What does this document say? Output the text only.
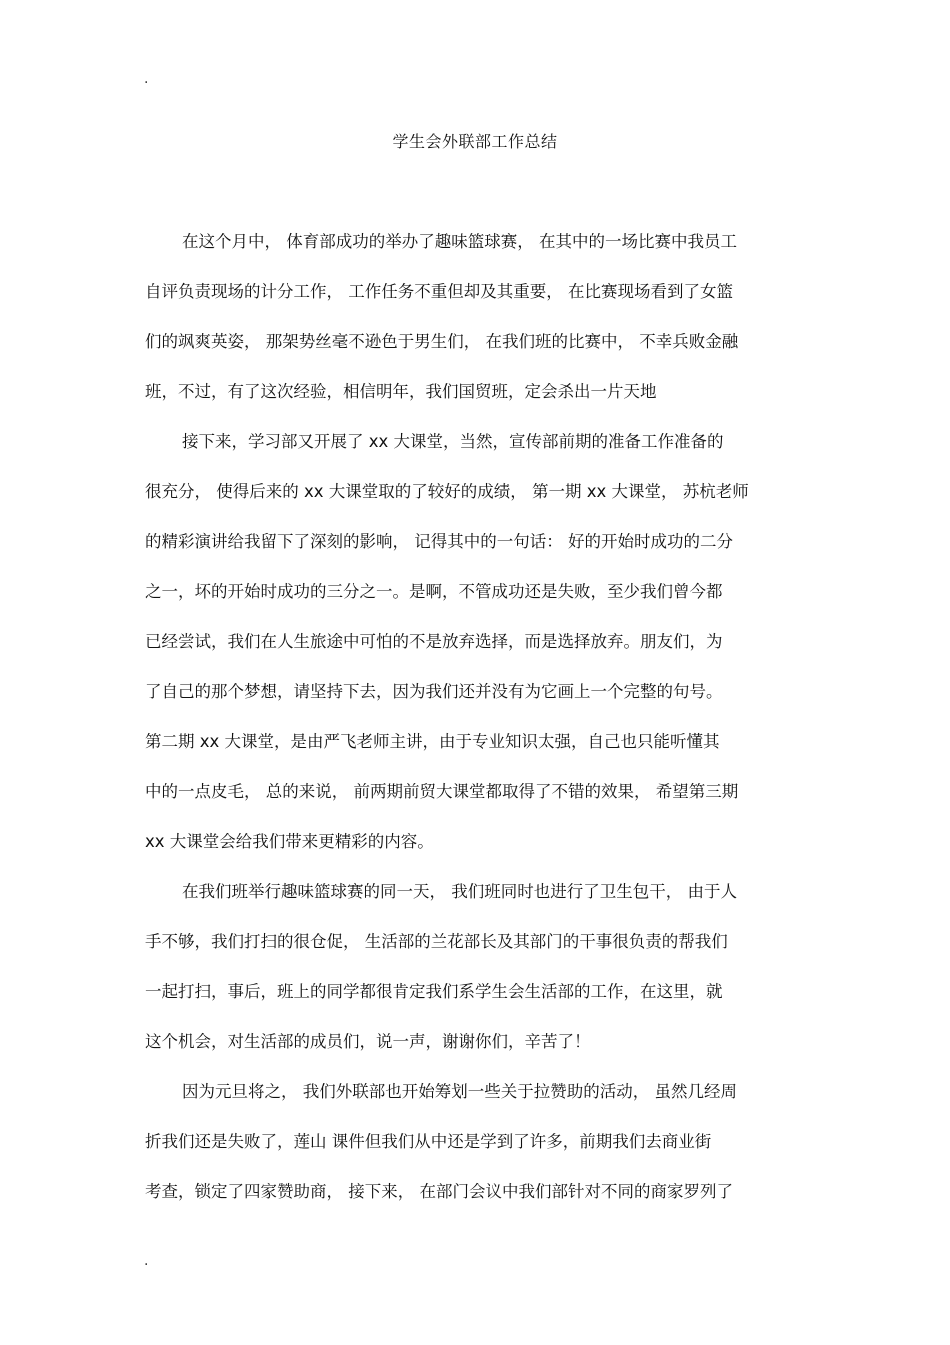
.
学生会外联部工作总结
在这个月中， 体育部成功的举办了趣味篮球赛， 在其中的一场比赛中我员工
自评负责现场的计分工作， 工作任务不重但却及其重要， 在比赛现场看到了女篮
们的飒爽英姿， 那架势丝毫不逊色于男生们， 在我们班的比赛中， 不幸兵败金融
班，不过，有了这次经验，相信明年，我们国贸班，定会杀出一片天地
接下来，学习部又开展了 xx 大课堂，当然，宣传部前期的准备工作准备的
很充分， 使得后来的 xx 大课堂取的了较好的成绩， 第一期 xx 大课堂， 苏杭老师
的精彩演讲给我留下了深刻的影响， 记得其中的一句话： 好的开始时成功的二分
之一，坏的开始时成功的三分之一。是啊，不管成功还是失败，至少我们曾今都
已经尝试，我们在人生旅途中可怕的不是放弃选择，而是选择放弃。朋友们，为
了自己的那个梦想，请坚持下去，因为我们还并没有为它画上一个完整的句号。
第二期 xx 大课堂，是由严飞老师主讲，由于专业知识太强，自己也只能听懂其
中的一点皮毛， 总的来说， 前两期前贸大课堂都取得了不错的效果， 希望第三期
xx 大课堂会给我们带来更精彩的内容。
在我们班举行趣味篮球赛的同一天， 我们班同时也进行了卫生包干， 由于人
手不够，我们打扫的很仓促， 生活部的兰花部长及其部门的干事很负责的帮我们
一起打扫，事后，班上的同学都很肯定我们系学生会生活部的工作，在这里，就
这个机会，对生活部的成员们，说一声，谢谢你们，辛苦了！
因为元旦将之， 我们外联部也开始筹划一些关于拉赞助的活动， 虽然几经周
折我们还是失败了，莲山 课件但我们从中还是学到了许多，前期我们去商业街
考查，锁定了四家赞助商， 接下来， 在部门会议中我们部针对不同的商家罗列了
.
